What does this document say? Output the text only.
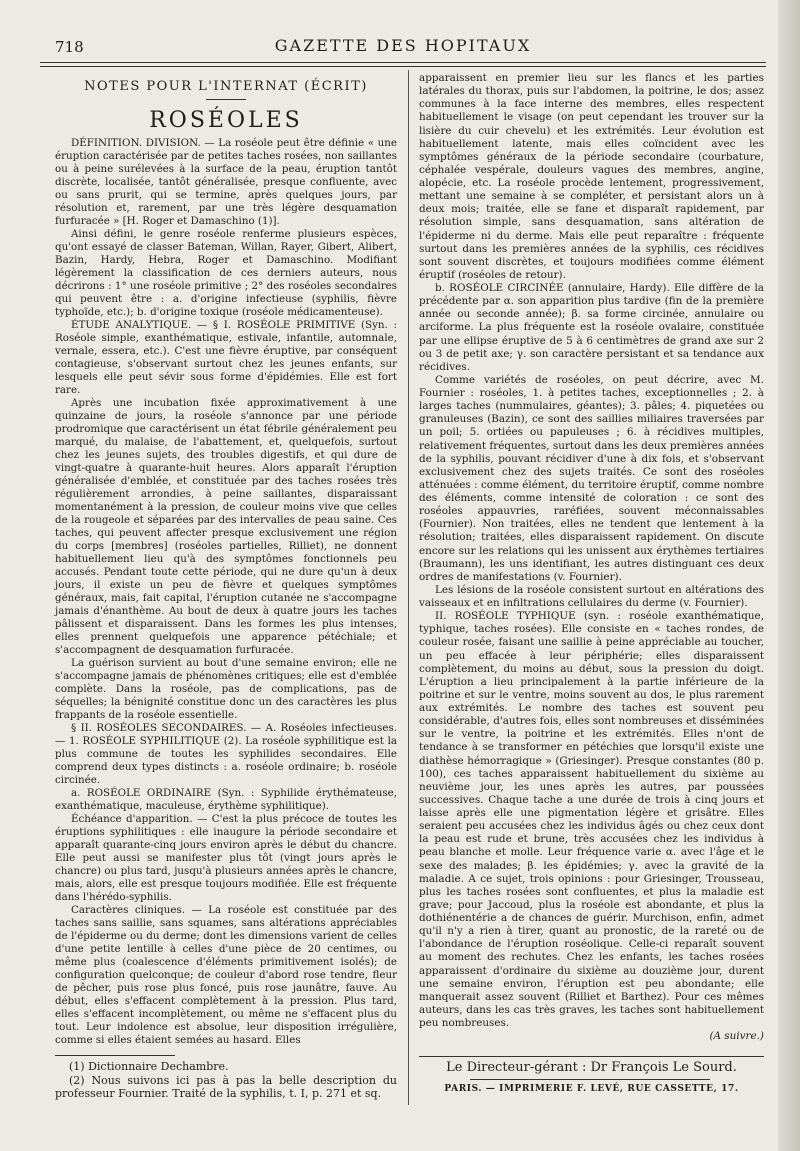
718	GAZETTE DES HOPITAUX
NOTES POUR L'INTERNAT (ÉCRIT)
ROSÉOLES

DÉFINITION. DIVISION. — La roséole peut être définie « une éruption caractérisée par de petites taches rosées, non saillantes ou à peine surélevées à la surface de la peau, éruption tantôt discrète, localisée, tantôt généralisée, presque confluente, avec ou sans prurit, qui se termine, après quelques jours, par résolution et, rarement, par une très légère desquamation furfuracée » [H. Roger et Damaschino (1)].

Ainsi défini, le genre roséole renferme plusieurs espèces, qu'ont essayé de classer Bateman, Willan, Rayer, Gibert, Alibert, Bazin, Hardy, Hebra, Roger et Damaschino. Modifiant légèrement la classification de ces derniers auteurs, nous décrirons : 1° une roséole primitive ; 2° des roséoles secondaires qui peuvent être : a. d'origine infectieuse (syphilis, fièvre typhoïde, etc.); b. d'origine toxique (roséole médicamenteuse).

ÉTUDE ANALYTIQUE. — § I. ROSÉOLE PRIMITIVE (Syn. : Roséole simple, exanthématique, estivale, infantile, automnale, vernale, essera, etc.). C'est une fièvre éruptive, par conséquent contagieuse, s'observant surtout chez les jeunes enfants, sur lesquels elle peut sévir sous forme d'épidémies. Elle est fort rare.

Après une incubation fixée approximativement à une quinzaine de jours, la roséole s'annonce par une période prodromique que caractérisent un état fébrile généralement peu marqué, du malaise, de l'abattement, et, quelquefois, surtout chez les jeunes sujets, des troubles digestifs, et qui dure de vingt-quatre à quarante-huit heures. Alors apparaît l'éruption généralisée d'emblée, et constituée par des taches rosées très régulièrement arrondies, à peine saillantes, disparaissant momentanément à la pression, de couleur moins vive que celles de la rougeole et séparées par des intervalles de peau saine. Ces taches, qui peuvent affecter presque exclusivement une région du corps [membres] (roséoles partielles, Rilliet), ne donnent habituellement lieu qu'à des symptômes fonctionnels peu accusés. Pendant toute cette période, qui ne dure qu'un à deux jours, il existe un peu de fièvre et quelques symptômes généraux, mais, fait capital, l'éruption cutanée ne s'accompagne jamais d'énanthème. Au bout de deux à quatre jours les taches pâlissent et disparaissent. Dans les formes les plus intenses, elles prennent quelquefois une apparence pétéchiale; et s'accompagnent de desquamation furfuracée.

La guérison survient au bout d'une semaine environ; elle ne s'accompagne jamais de phénomènes critiques; elle est d'emblée complète. Dans la roséole, pas de complications, pas de séquelles; la bénignité constitue donc un des caractères les plus frappants de la roséole essentielle.

§ II. ROSÉOLES SECONDAIRES. — A. Roséoles infectieuses. — 1. ROSÉOLE SYPHILITIQUE (2). La roséole syphilitique est la plus commune de toutes les syphilides secondaires. Elle comprend deux types distincts : a. roséole ordinaire; b. roséole circinée.

a. ROSÉOLE ORDINAIRE (Syn. : Syphilide érythémateuse, exanthématique, maculeuse, érythème syphilitique).

Échéance d'apparition. — C'est la plus précoce de toutes les éruptions syphilitiques : elle inaugure la période secondaire et apparaît quarante-cinq jours environ après le début du chancre. Elle peut aussi se manifester plus tôt (vingt jours après le chancre) ou plus tard, jusqu'à plusieurs années après le chancre, mais, alors, elle est presque toujours modifiée. Elle est fréquente dans l'hérédo-syphilis.

Caractères cliniques. — La roséole est constituée par des taches sans saillie, sans squames, sans altérations appréciables de l'épiderme ou du derme; dont les dimensions varient de celles d'une petite lentille à celles d'une pièce de 20 centimes, ou même plus (coalescence d'éléments primitivement isolés); de configuration quelconque; de couleur d'abord rose tendre, fleur de pêcher, puis rose plus foncé, puis rose jaunâtre, fauve. Au début, elles s'effacent complètement à la pression. Plus tard, elles s'effacent incomplètement, ou même ne s'effacent plus du tout. Leur indolence est absolue, leur disposition irrégulière, comme si elles étaient semées au hasard. Elles

(1) Dictionnaire Dechambre.

(2) Nous suivons ici pas à pas la belle description du professeur Fournier. Traité de la syphilis, t. I, p. 271 et sq.

apparaissent en premier lieu sur les flancs et les parties latérales du thorax, puis sur l'abdomen, la poitrine, le dos; assez communes à la face interne des membres, elles respectent habituellement le visage (on peut cependant les trouver sur la lisière du cuir chevelu) et les extrémités. Leur évolution est habituellement latente, mais elles coïncident avec les symptômes généraux de la période secondaire (courbature, céphalée vespérale, douleurs vagues des membres, angine, alopécie, etc. La roséole procède lentement, progressivement, mettant une semaine à se compléter, et persistant alors un à deux mois; traitée, elle se fane et disparaît rapidement, par résolution simple, sans desquamation, sans altération de l'épiderme ni du derme. Mais elle peut reparaître : fréquente surtout dans les premières années de la syphilis, ces récidives sont souvent discrètes, et toujours modifiées comme élément éruptif (roséoles de retour).

b. ROSÉOLE CIRCINÉE (annulaire, Hardy). Elle diffère de la précédente par α. son apparition plus tardive (fin de la première année ou seconde année); β. sa forme circinée, annulaire ou arciforme. La plus fréquente est la roséole ovalaire, constituée par une ellipse éruptive de 5 à 6 centimètres de grand axe sur 2 ou 3 de petit axe; γ. son caractère persistant et sa tendance aux récidives.

Comme variétés de roséoles, on peut décrire, avec M. Fournier : roséoles, 1. à petites taches, exceptionnelles ; 2. à larges taches (nummulaires, géantes); 3. pâles; 4. piquetées ou granuleuses (Bazin), ce sont des saillies miliaires traversées par un poil; 5. ortiées ou papuleuses ; 6. à récidives multiples, relativement fréquentes, surtout dans les deux premières années de la syphilis, pouvant récidiver d'une à dix fois, et s'observant exclusivement chez des sujets traités. Ce sont des roséoles atténuées : comme élément, du territoire éruptif, comme nombre des éléments, comme intensité de coloration : ce sont des roséoles appauvries, raréfiées, souvent méconnaissables (Fournier). Non traitées, elles ne tendent que lentement à la résolution; traitées, elles disparaissent rapidement. On discute encore sur les relations qui les unissent aux érythèmes tertiaires (Braumann), les uns identifiant, les autres distinguant ces deux ordres de manifestations (v. Fournier).

Les lésions de la roséole consistent surtout en altérations des vaisseaux et en infiltrations cellulaires du derme (v. Fournier).

II. ROSÉOLE TYPHIQUE (syn. : roséole exanthématique, typhique, taches rosées). Elle consiste en « taches rondes, de couleur rosée, faisant une saillie à peine appréciable au toucher, un peu effacée à leur périphérie; elles disparaissent complètement, du moins au début, sous la pression du doigt. L'éruption a lieu principalement à la partie inférieure de la poitrine et sur le ventre, moins souvent au dos, le plus rarement aux extrémités. Le nombre des taches est souvent peu considérable, d'autres fois, elles sont nombreuses et disséminées sur le ventre, la poitrine et les extrémités. Elles n'ont de tendance à se transformer en pétéchies que lorsqu'il existe une diathèse hémorragique » (Griesinger). Presque constantes (80 p. 100), ces taches apparaissent habituellement du sixième au neuvième jour, les unes après les autres, par poussées successives. Chaque tache a une durée de trois à cinq jours et laisse après elle une pigmentation légère et grisâtre. Elles seraient peu accusées chez les individus âgés ou chez ceux dont la peau est rude et brune, très accusées chez les individus à peau blanche et molle. Leur fréquence varie α. avec l'âge et le sexe des malades; β. les épidémies; γ. avec la gravité de la maladie. A ce sujet, trois opinions : pour Griesinger, Trousseau, plus les taches rosées sont confluentes, et plus la maladie est grave; pour Jaccoud, plus la roséole est abondante, et plus la dothiénentérie a de chances de guérir. Murchison, enfin, admet qu'il n'y a rien à tirer, quant au pronostic, de la rareté ou de l'abondance de l'éruption roséolique. Celle-ci reparaît souvent au moment des rechutes. Chez les enfants, les taches rosées apparaissent d'ordinaire du sixième au douzième jour, durent une semaine environ, l'éruption est peu abondante; elle manquerait assez souvent (Rilliet et Barthez). Pour ces mêmes auteurs, dans les cas très graves, les taches sont habituellement peu nombreuses.

(A suivre.)
Le Directeur-gérant : Dr François Le Sourd.
PARIS. — IMPRIMERIE F. LEVÉ, RUE CASSETTE, 17.
